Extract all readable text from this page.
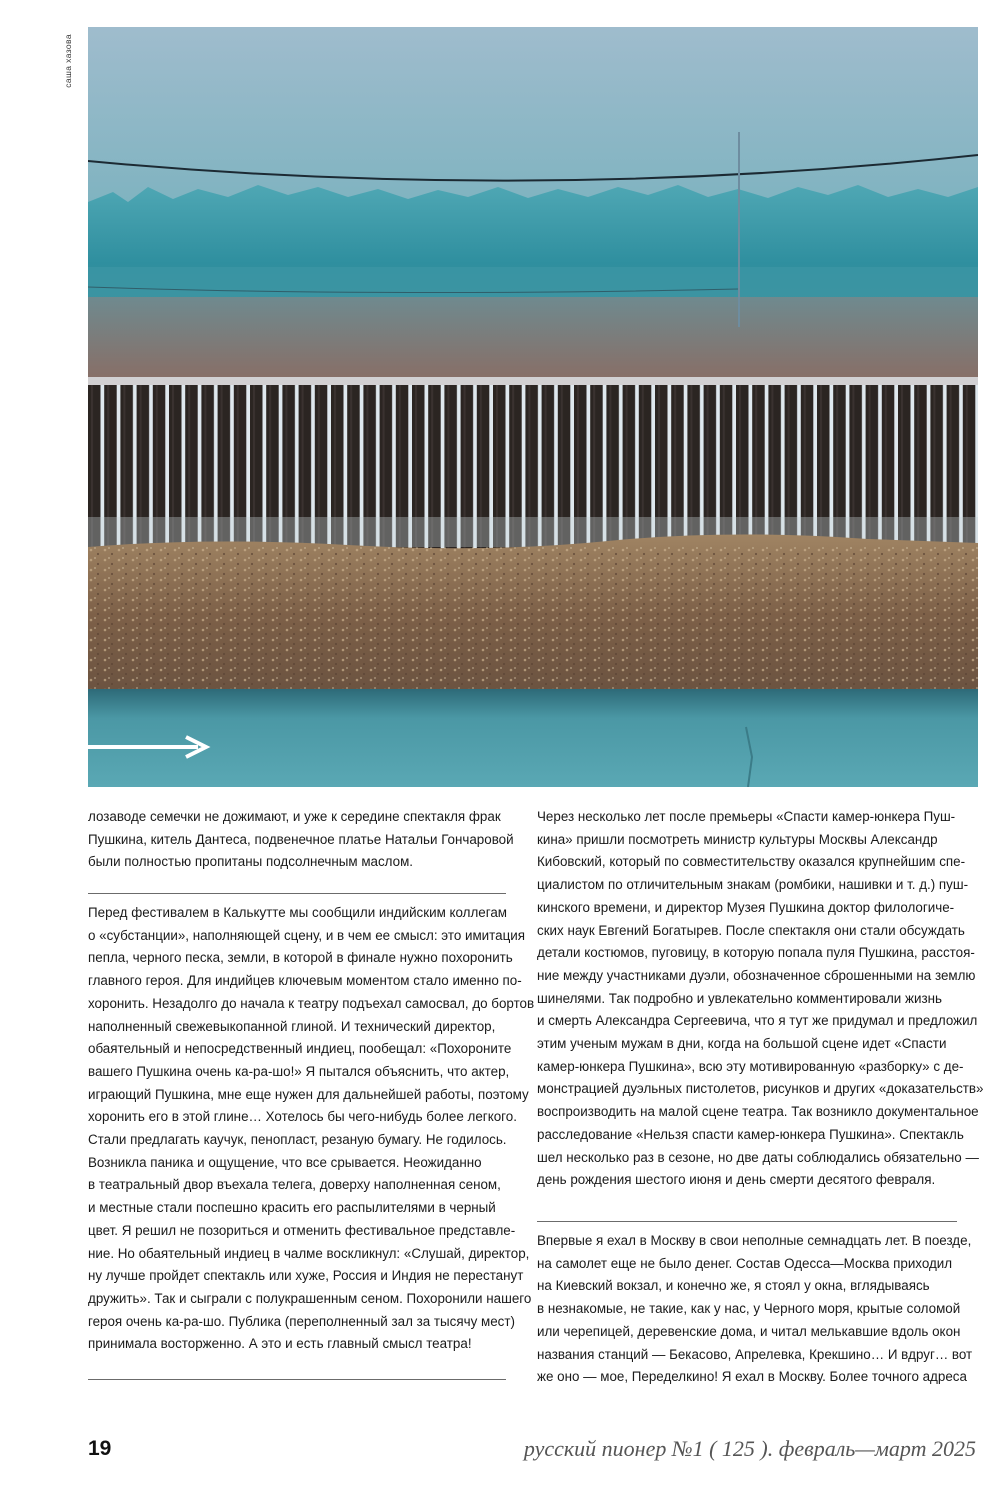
саша хазова

лозаводе семечки не дожимают, и уже к середине спектакля фрак
Пушкина, китель Дантеса, подвенечное платье Натальи Гончаровой
были полностью пропитаны подсолнечным маслом.

Перед фестивалем в Калькутте мы сообщили индийским коллегам
о «субстанции», наполняющей сцену, и в чем ее смысл: это имитация
пепла, черного песка, земли, в которой в финале нужно похоронить
главного героя. Для индийцев ключевым моментом стало именно по-
хоронить. Незадолго до начала к театру подъехал самосвал, до бортов
наполненный свежевыкопанной глиной. И технический директор,
обаятельный и непосредственный индиец, пообещал: «Похороните
вашего Пушкина очень ка-ра-шо!» Я пытался объяснить, что актер,
играющий Пушкина, мне еще нужен для дальнейшей работы, поэтому
хоронить его в этой глине… Хотелось бы чего-нибудь более легкого.
Стали предлагать каучук, пенопласт, резаную бумагу. Не годилось.
Возникла паника и ощущение, что все срывается. Неожиданно
в театральный двор въехала телега, доверху наполненная сеном,
и местные стали поспешно красить его распылителями в черный
цвет. Я решил не позориться и отменить фестивальное представле-
ние. Но обаятельный индиец в чалме воскликнул: «Слушай, директор,
ну лучше пройдет спектакль или хуже, Россия и Индия не перестанут
дружить». Так и сыграли с полукрашенным сеном. Похоронили нашего
героя очень ка-ра-шо. Публика (переполненный зал за тысячу мест)
принимала восторженно. А это и есть главный смысл театра!

Через несколько лет после премьеры «Спасти камер-юнкера Пуш-
кина» пришли посмотреть министр культуры Москвы Александр
Кибовский, который по совместительству оказался крупнейшим спе-
циалистом по отличительным знакам (ромбики, нашивки и т. д.) пуш-
кинского времени, и директор Музея Пушкина доктор филологиче-
ских наук Евгений Богатырев. После спектакля они стали обсуждать
детали костюмов, пуговицу, в которую попала пуля Пушкина, расстоя-
ние между участниками дуэли, обозначенное сброшенными на землю
шинелями. Так подробно и увлекательно комментировали жизнь
и смерть Александра Сергеевича, что я тут же придумал и предложил
этим ученым мужам в дни, когда на большой сцене идет «Спасти
камер-юнкера Пушкина», всю эту мотивированную «разборку» с де-
монстрацией дуэльных пистолетов, рисунков и других «доказательств»
воспроизводить на малой сцене театра. Так возникло документальное
расследование «Нельзя спасти камер-юнкера Пушкина». Спектакль
шел несколько раз в сезоне, но две даты соблюдались обязательно —
день рождения шестого июня и день смерти десятого февраля.

Впервые я ехал в Москву в свои неполные семнадцать лет. В поезде,
на самолет еще не было денег. Состав Одесса—Москва приходил
на Киевский вокзал, и конечно же, я стоял у окна, вглядываясь
в незнакомые, не такие, как у нас, у Черного моря, крытые соломой
или черепицей, деревенские дома, и читал мелькавшие вдоль окон
названия станций — Бекасово, Апрелевка, Крекшино… И вдруг… вот
же оно — мое, Переделкино! Я ехал в Москву. Более точного адреса

19	русский пионер №1 ( 125 ). февраль—март 2025
